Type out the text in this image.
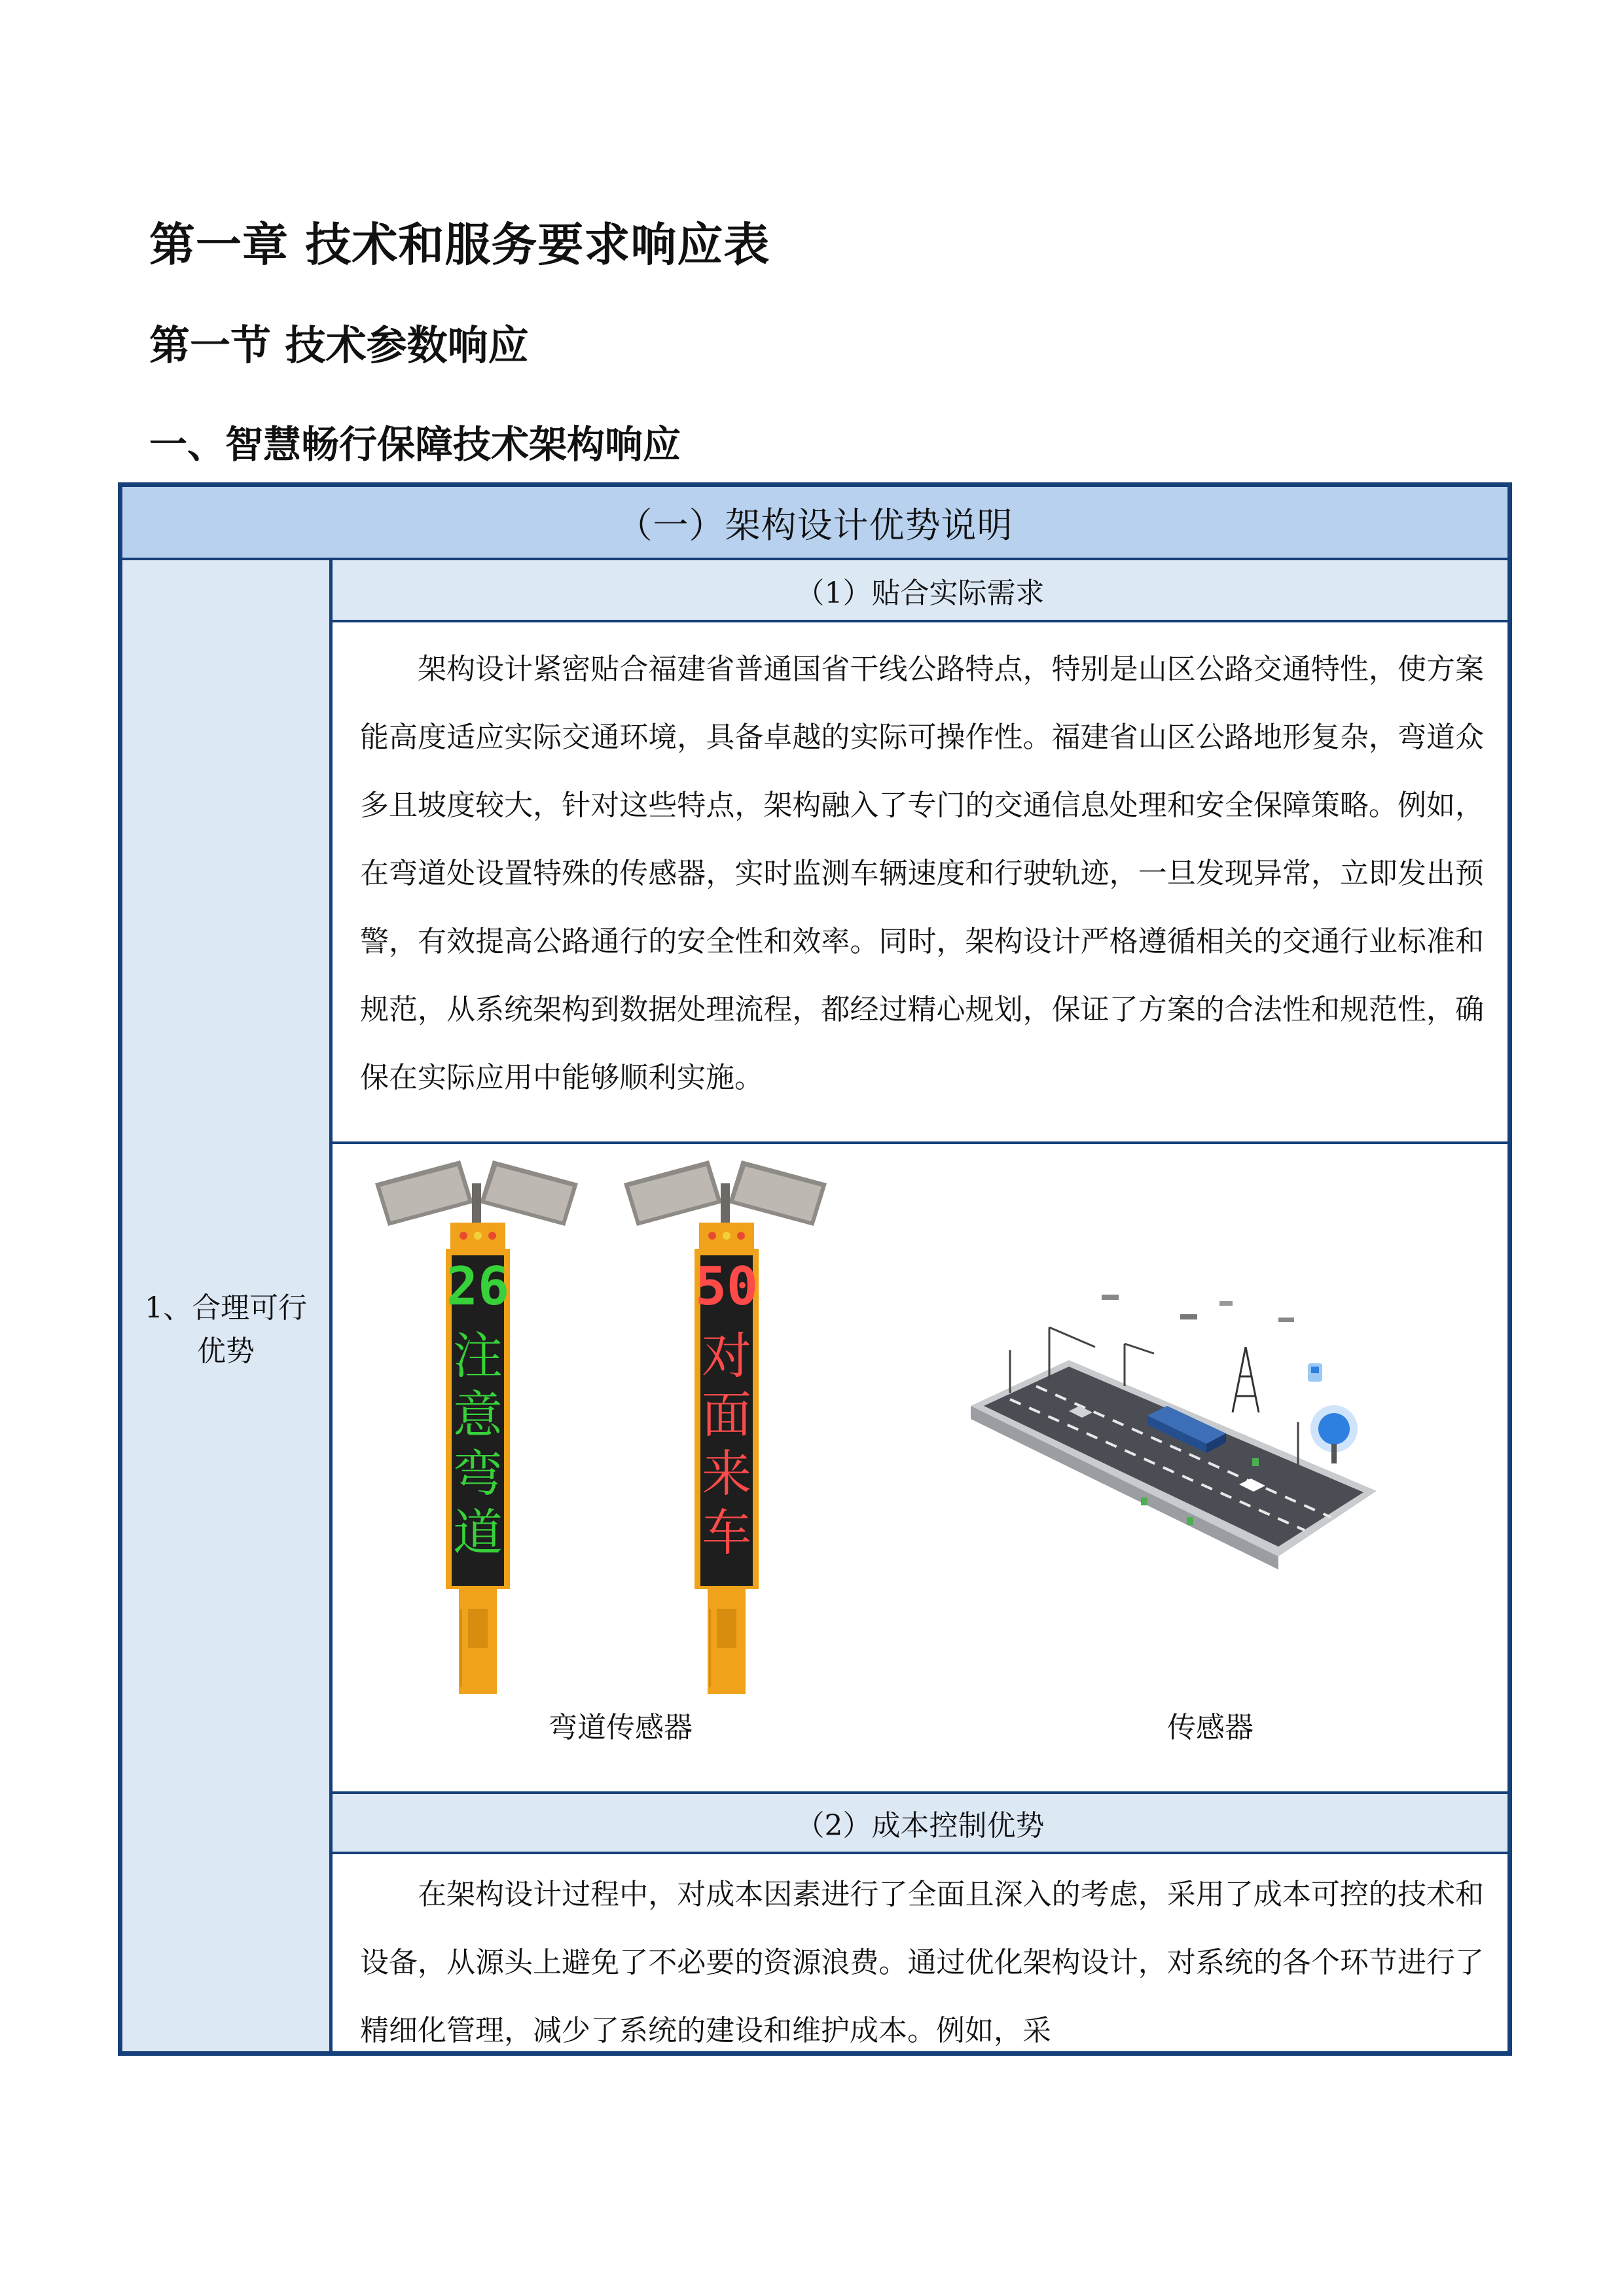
第一章 技术和服务要求响应表
第一节 技术参数响应
一、智慧畅行保障技术架构响应
（一）架构设计优势说明
1、合理可行优势
（1）贴合实际需求
架构设计紧密贴合福建省普通国省干线公路特点，特别是山区公路交通特性，使方案能高度适应实际交通环境，具备卓越的实际可操作性。福建省山区公路地形复杂，弯道众多且坡度较大，针对这些特点，架构融入了专门的交通信息处理和安全保障策略。例如，在弯道处设置特殊的传感器，实时监测车辆速度和行驶轨迹，一旦发现异常，立即发出预警，有效提高公路通行的安全性和效率。同时，架构设计严格遵循相关的交通行业标准和规范，从系统架构到数据处理流程，都经过精心规划，保证了方案的合法性和规范性，确保在实际应用中能够顺利实施。
26
注
意
弯
道
50
对
面
来
车
弯道传感器	传感器
（2）成本控制优势
在架构设计过程中，对成本因素进行了全面且深入的考虑，采用了成本可控的技术和设备，从源头上避免了不必要的资源浪费。通过优化架构设计，对系统的各个环节进行了精细化管理，减少了系统的建设和维护成本。例如，采
